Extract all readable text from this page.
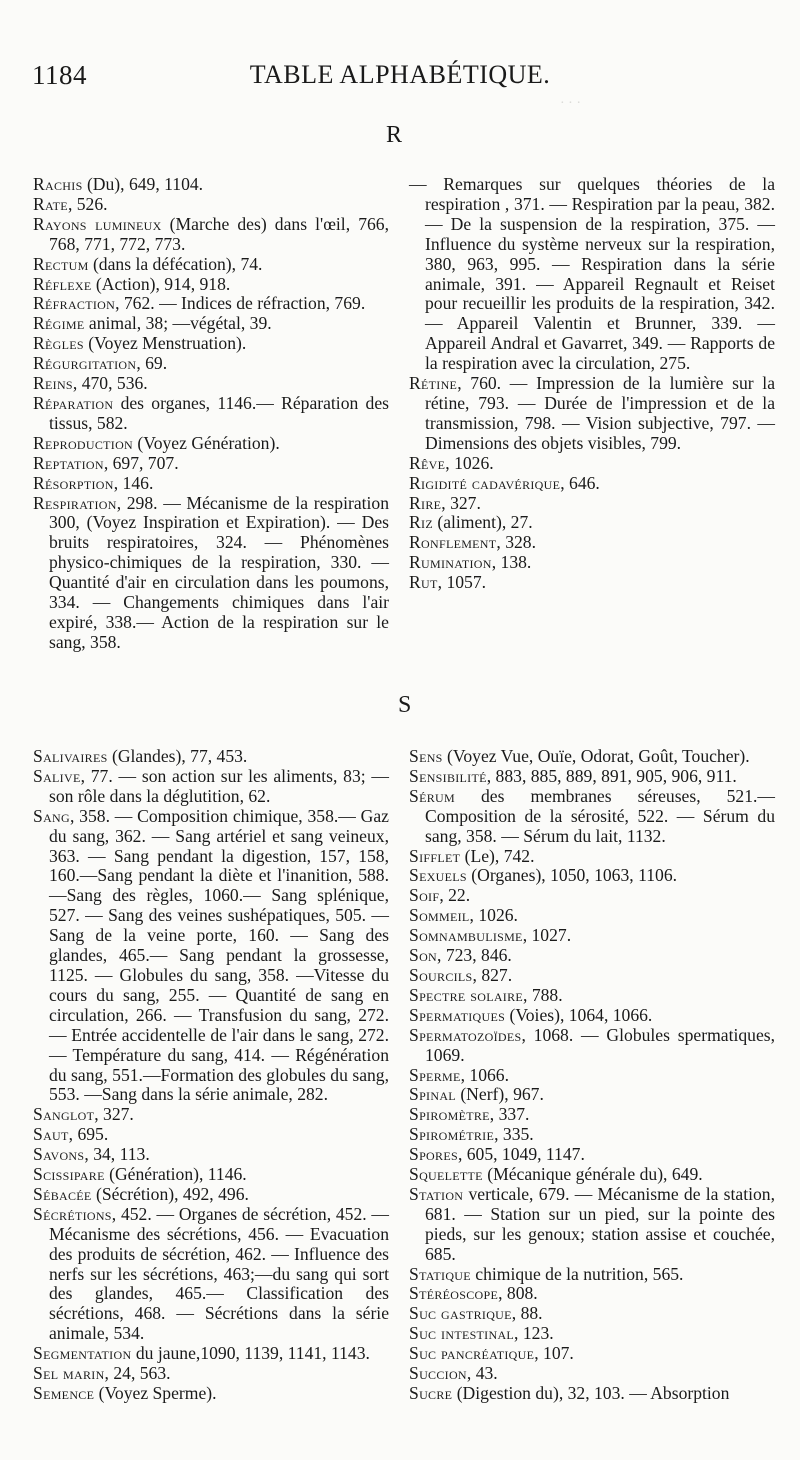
· · ·
1184	TABLE ALPHABÉTIQUE.
R

Rachis (Du), 649, 1104.

Rate, 526.

Rayons lumineux (Marche des) dans l'œil, 766, 768, 771, 772, 773.

Rectum (dans la défécation), 74.

Réflexe (Action), 914, 918.

Réfraction, 762. — Indices de réfraction, 769.

Régime animal, 38; —végétal, 39.

Règles (Voyez Menstruation).

Régurgitation, 69.

Reins, 470, 536.

Réparation des organes, 1146.— Réparation des tissus, 582.

Reproduction (Voyez Génération).

Reptation, 697, 707.

Résorption, 146.

Respiration, 298. — Mécanisme de la respiration 300, (Voyez Inspiration et Expiration). — Des bruits respiratoires, 324. — Phénomènes physico-chimiques de la respiration, 330. — Quantité d'air en circulation dans les poumons, 334. — Changements chimiques dans l'air expiré, 338.— Action de la respiration sur le sang, 358.

— Remarques sur quelques théories de la respiration , 371. — Respiration par la peau, 382. — De la suspension de la respiration, 375. — Influence du système nerveux sur la respiration, 380, 963, 995. — Respiration dans la série animale, 391. — Appareil Regnault et Reiset pour recueillir les produits de la respiration, 342. — Appareil Valentin et Brunner, 339. — Appareil Andral et Gavarret, 349. — Rapports de la respiration avec la circulation, 275.

Rétine, 760. — Impression de la lumière sur la rétine, 793. — Durée de l'impression et de la transmission, 798. — Vision subjective, 797. — Dimensions des objets visibles, 799.

Rêve, 1026.

Rigidité cadavérique, 646.

Rire, 327.

Riz (aliment), 27.

Ronflement, 328.

Rumination, 138.

Rut, 1057.

S

Salivaires (Glandes), 77, 453.

Salive, 77. — son action sur les aliments, 83; — son rôle dans la déglutition, 62.

Sang, 358. — Composition chimique, 358.— Gaz du sang, 362. — Sang artériel et sang veineux, 363. — Sang pendant la digestion, 157, 158, 160.—Sang pendant la diète et l'inanition, 588.—Sang des règles, 1060.— Sang splénique, 527. — Sang des veines sushépatiques, 505. — Sang de la veine porte, 160. — Sang des glandes, 465.— Sang pendant la grossesse, 1125. — Globules du sang, 358. —Vitesse du cours du sang, 255. — Quantité de sang en circulation, 266. — Transfusion du sang, 272. — Entrée accidentelle de l'air dans le sang, 272. — Température du sang, 414. — Régénération du sang, 551.—Formation des globules du sang, 553. —Sang dans la série animale, 282.

Sanglot, 327.

Saut, 695.

Savons, 34, 113.

Scissipare (Génération), 1146.

Sébacée (Sécrétion), 492, 496.

Sécrétions, 452. — Organes de sécrétion, 452. — Mécanisme des sécrétions, 456. — Evacuation des produits de sécrétion, 462. — Influence des nerfs sur les sécrétions, 463;—du sang qui sort des glandes, 465.— Classification des sécrétions, 468. — Sécrétions dans la série animale, 534.

Segmentation du jaune,1090, 1139, 1141, 1143.

Sel marin, 24, 563.

Semence (Voyez Sperme).

Sens (Voyez Vue, Ouïe, Odorat, Goût, Toucher).

Sensibilité, 883, 885, 889, 891, 905, 906, 911.

Sérum des membranes séreuses, 521.— Composition de la sérosité, 522. — Sérum du sang, 358. — Sérum du lait, 1132.

Sifflet (Le), 742.

Sexuels (Organes), 1050, 1063, 1106.

Soif, 22.

Sommeil, 1026.

Somnambulisme, 1027.

Son, 723, 846.

Sourcils, 827.

Spectre solaire, 788.

Spermatiques (Voies), 1064, 1066.

Spermatozoïdes, 1068. — Globules spermatiques, 1069.

Sperme, 1066.

Spinal (Nerf), 967.

Spiromètre, 337.

Spirométrie, 335.

Spores, 605, 1049, 1147.

Squelette (Mécanique générale du), 649.

Station verticale, 679. — Mécanisme de la station, 681. — Station sur un pied, sur la pointe des pieds, sur les genoux; station assise et couchée, 685.

Statique chimique de la nutrition, 565.

Stéréoscope, 808.

Suc gastrique, 88.

Suc intestinal, 123.

Suc pancréatique, 107.

Succion, 43.

Sucre (Digestion du), 32, 103. — Absorption
